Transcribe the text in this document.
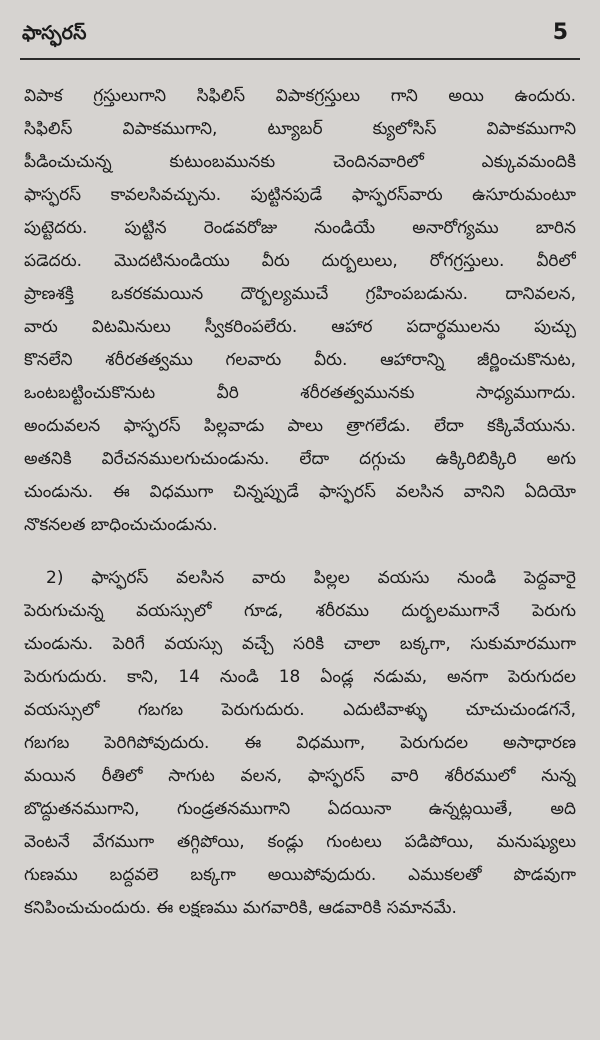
ఫాస్ఫరస్	5

విపాక గ్రస్తులుగాని సిఫిలిస్ విపాకగ్రస్తులు గాని అయి ఉందురు.

సిఫిలిస్ విపాకముగాని, ట్యూబర్ క్యులోసిస్ విపాకముగాని

పీడించుచున్న కుటుంబమునకు చెందినవారిలో ఎక్కువమందికి

ఫాస్ఫరస్ కావలసివచ్చును. పుట్టినపుడే ఫాస్ఫరస్‌వారు ఉసూరుమంటూ

పుట్టెదరు. పుట్టిన రెండవరోజు నుండియే అనారోగ్యము బారిన

పడెదరు. మొదటినుండియు వీరు దుర్బలులు, రోగగ్రస్తులు. వీరిలో

ప్రాణశక్తి ఒకరకమయిన దౌర్బల్యముచే గ్రహింపబడును. దానివలన,

వారు విటమినులు స్వీకరింపలేరు. ఆహార పదార్థములను పుచ్చు

కొనలేని శరీరతత్వము గలవారు వీరు. ఆహారాన్ని జీర్ణించుకొనుట,

ఒంటబట్టించుకొనుట వీరి శరీరతత్వమునకు సాధ్యముగాదు.

అందువలన ఫాస్ఫరస్ పిల్లవాడు పాలు త్రాగలేడు. లేదా కక్కివేయును.

అతనికి విరేచనములగుచుండును. లేదా దగ్గుచు ఉక్కిరిబిక్కిరి అగు

చుండును. ఈ విధముగా చిన్నప్పుడే ఫాస్ఫరస్ వలసిన వానిని ఏదియో

నొకనలత బాధించుచుండును.

2) ఫాస్ఫరస్ వలసిన వారు పిల్లల వయసు నుండి పెద్దవారై

పెరుగుచున్న వయస్సులో గూడ, శరీరము దుర్బలముగానే పెరుగు

చుండును. పెరిగే వయస్సు వచ్చే సరికి చాలా బక్కగా, సుకుమారముగా

పెరుగుదురు. కాని, 14 నుండి 18 ఏండ్ల నడుమ, అనగా పెరుగుదల

వయస్సులో గబగబ పెరుగుదురు. ఎదుటివాళ్ళు చూచుచుండగనే,

గబగబ పెరిగిపోవుదురు. ఈ విధముగా, పెరుగుదల అసాధారణ

మయిన రీతిలో సాగుట వలన, ఫాస్ఫరస్ వారి శరీరములో నున్న

బొద్దుతనముగాని, గుండ్రతనముగాని ఏదయినా ఉన్నట్లయితే, అది

వెంటనే వేగముగా తగ్గిపోయి, కండ్లు గుంటలు పడిపోయి, మనుష్యులు

గుణము బద్దవలె బక్కగా అయిపోవుదురు. ఎముకలతో పొడవుగా

కనిపించుచుందురు. ఈ లక్షణము మగవారికి, ఆడవారికి సమానమే.
